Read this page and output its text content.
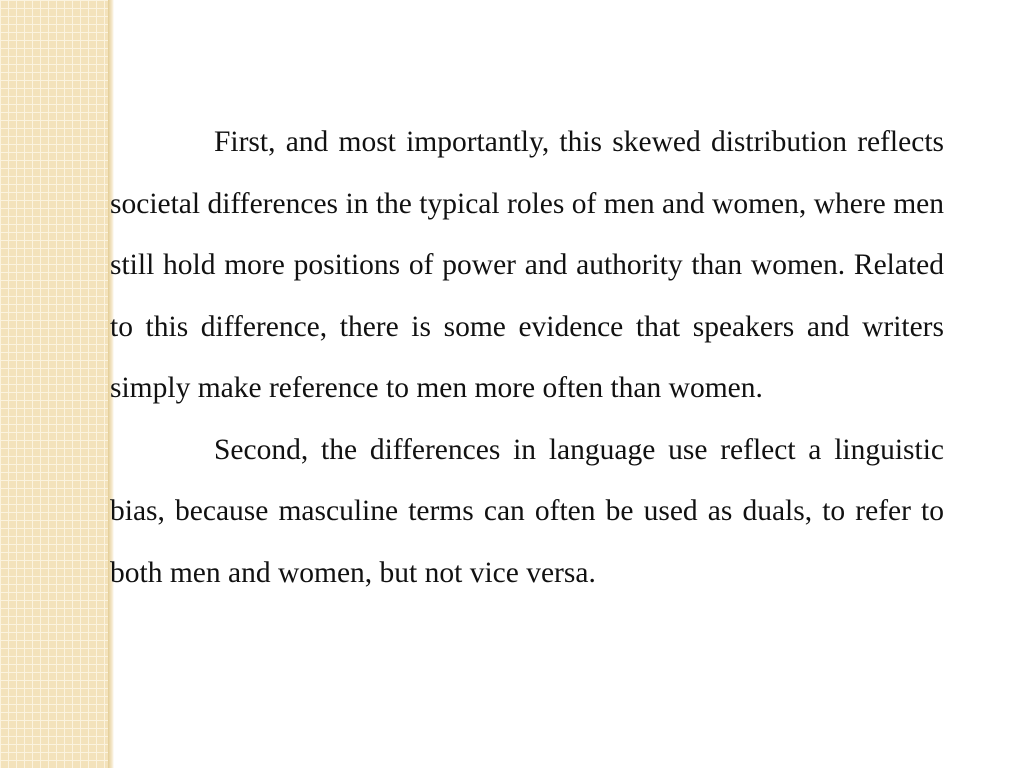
First, and most importantly, this skewed distribution reflects societal differences in the typical roles of men and women, where men still hold more positions of power and authority than women. Related to this difference, there is some evidence that speakers and writers simply make reference to men more often than women.

Second, the differences in language use reflect a linguistic bias, because masculine terms can often be used as duals, to refer to both men and women, but not vice versa.
